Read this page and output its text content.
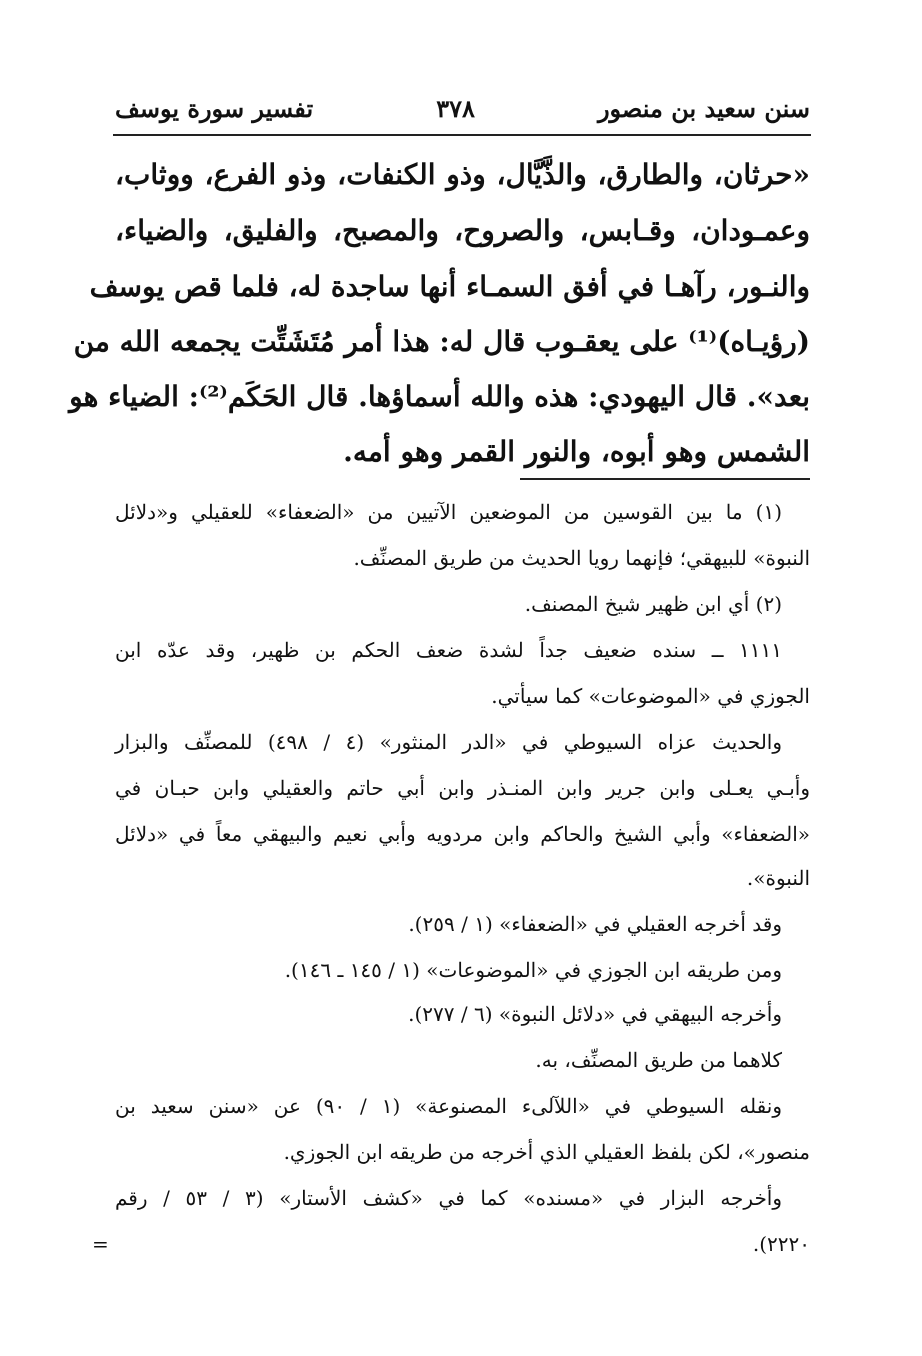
سنن سعيد بن منصور
٣٧٨
تفسير سورة يوسف
«حرثان، والطارق، والذَّيَّال، وذو الكنفات، وذو الفرع، ووثاب،
وعمـودان، وقـابس، والصروح، والمصبح، والفليق، والضياء،
والنـور، رآهـا في أفق السمـاء أنها ساجدة له، فلما قص يوسف
(رؤيـاه)⁽¹⁾ على يعقـوب قال له: هذا أمر مُتَشَتِّت يجمعه الله من
بعد». قال اليهودي: هذه والله أسماؤها. قال الحَكَم⁽²⁾: الضياء هو
الشمس وهو أبوه، والنور القمر وهو أمه.
(١) ما بين القوسين من الموضعين الآتيين من «الضعفاء» للعقيلي و«دلائل
النبوة» للبيهقي؛ فإنهما رويا الحديث من طريق المصنِّف.
(٢) أي ابن ظهير شيخ المصنف.
١١١١ ــ سنده ضعيف جداً لشدة ضعف الحكم بن ظهير، وقد عدّه ابن
الجوزي في «الموضوعات» كما سيأتي.
والحديث عزاه السيوطي في «الدر المنثور» (٤ / ٤٩٨) للمصنِّف والبزار
وأبـي يعـلى وابن جرير وابن المنـذر وابن أبي حاتم والعقيلي وابن حبـان في
«الضعفاء» وأبي الشيخ والحاكم وابن مردويه وأبي نعيم والبيهقي معاً في «دلائل
النبوة».
وقد أخرجه العقيلي في «الضعفاء» (١ / ٢٥٩).
ومن طريقه ابن الجوزي في «الموضوعات» (١ / ١٤٥ ـ ١٤٦).
وأخرجه البيهقي في «دلائل النبوة» (٦ / ٢٧٧).
كلاهما من طريق المصنِّف، به.
ونقله السيوطي في «اللآلىء المصنوعة» (١ / ٩٠) عن «سنن سعيد بن
منصور»، لكن بلفظ العقيلي الذي أخرجه من طريقه ابن الجوزي.
وأخرجه البزار في «مسنده» كما في «كشف الأستار» (٣ / ٥٣ / رقم
٢٢٢٠).
=
